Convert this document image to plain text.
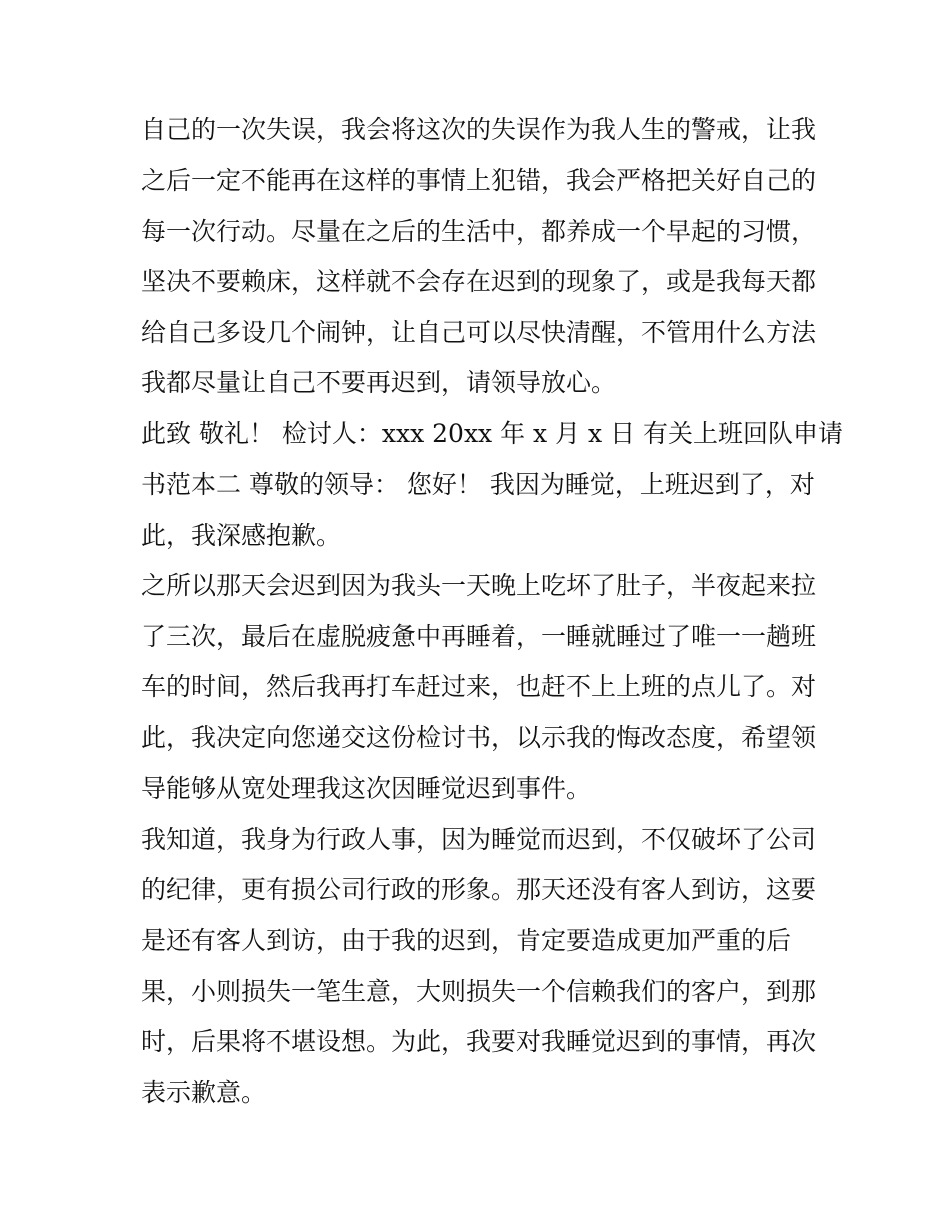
自己的一次失误，我会将这次的失误作为我人生的警戒，让我
之后一定不能再在这样的事情上犯错，我会严格把关好自己的
每一次行动。尽量在之后的生活中，都养成一个早起的习惯，
坚决不要赖床，这样就不会存在迟到的现象了，或是我每天都
给自己多设几个闹钟，让自己可以尽快清醒，不管用什么方法
我都尽量让自己不要再迟到，请领导放心。
此致 敬礼！ 检讨人：xxx 20xx 年 x 月 x 日 有关上班回队申请
书范本二 尊敬的领导： 您好！ 我因为睡觉，上班迟到了，对
此，我深感抱歉。
之所以那天会迟到因为我头一天晚上吃坏了肚子，半夜起来拉
了三次，最后在虚脱疲惫中再睡着，一睡就睡过了唯一一趟班
车的时间，然后我再打车赶过来，也赶不上上班的点儿了。对
此，我决定向您递交这份检讨书，以示我的悔改态度，希望领
导能够从宽处理我这次因睡觉迟到事件。
我知道，我身为行政人事，因为睡觉而迟到，不仅破坏了公司
的纪律，更有损公司行政的形象。那天还没有客人到访，这要
是还有客人到访，由于我的迟到，肯定要造成更加严重的后
果，小则损失一笔生意，大则损失一个信赖我们的客户，到那
时，后果将不堪设想。为此，我要对我睡觉迟到的事情，再次
表示歉意。
